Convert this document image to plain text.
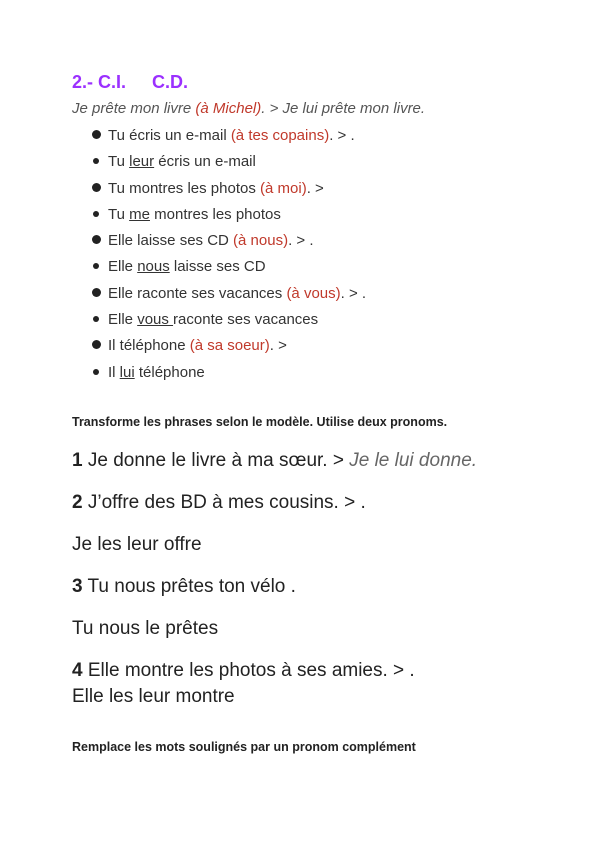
2.- C.I. C.D.
Je prête mon livre (à Michel). > Je lui prête mon livre.
Tu écris un e-mail (à tes copains). > .
Tu leur écris un e-mail
Tu montres les photos (à moi). >
Tu me montres les photos
Elle laisse ses CD (à nous). > .
Elle nous laisse ses CD
Elle raconte ses vacances (à vous). > .
Elle vous raconte ses vacances
Il téléphone (à sa soeur). >
Il lui téléphone
Transforme les phrases selon le modèle. Utilise deux pronoms.
1 Je donne le livre à ma sœur. > Je le lui donne.
2 J’offre des BD à mes cousins. > .
Je les leur offre
3 Tu nous prêtes ton vélo .
Tu nous le prêtes
4 Elle montre les photos à ses amies. > .
Elle les leur montre
Remplace les mots soulignés par un pronom complément
